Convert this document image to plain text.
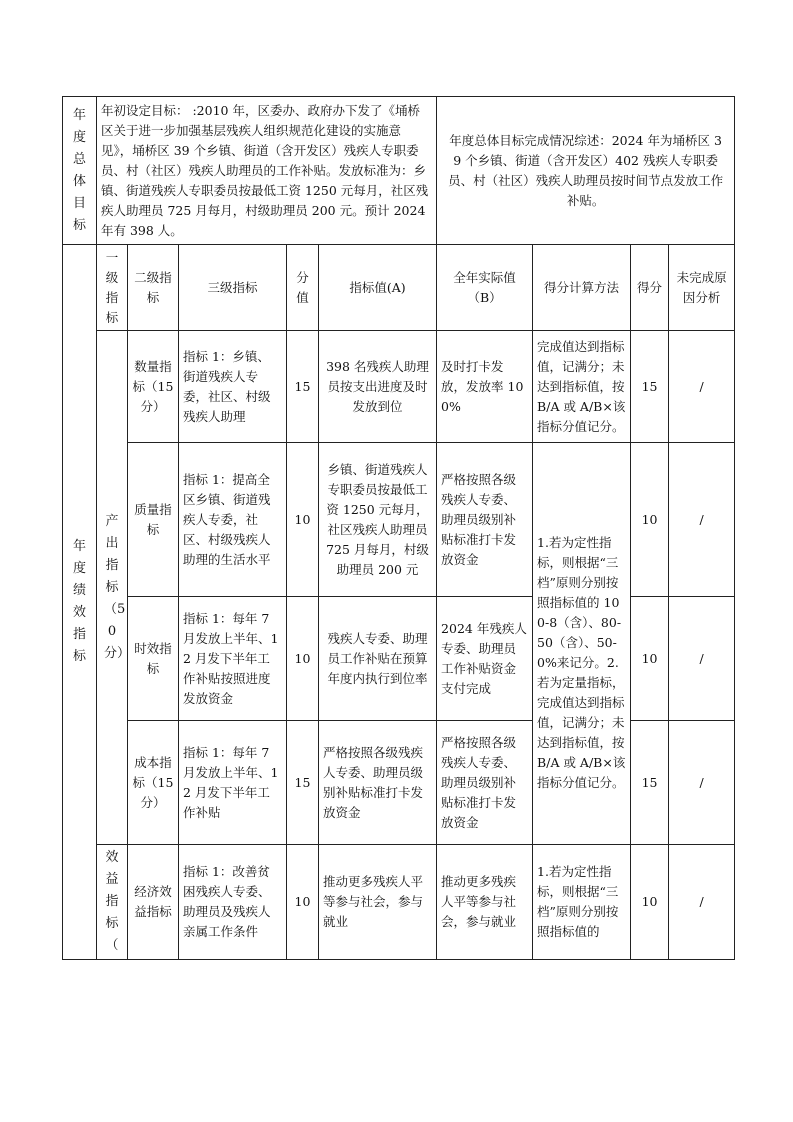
年度总体目标	年初设定目标： :2010 年，区委办、政府办下发了《埇桥区关于进一步加强基层残疾人组织规范化建设的实施意见》，埇桥区 39 个乡镇、街道（含开发区）残疾人专职委员、村（社区）残疾人助理员的工作补贴。发放标准为：乡镇、街道残疾人专职委员按最低工资 1250 元每月，社区残疾人助理员 725 月每月，村级助理员 200 元。预计 2024 年有 398 人。					年度总体目标完成情况综述：2024 年为埇桥区 39 个乡镇、街道（含开发区）402 残疾人专职委员、村（社区）残疾人助理员按时间节点发放工作补贴。			

年度绩效指标	一级指标	二级指标	三级指标	分值	指标值(A)	全年实际值（B）	得分计算方法	得分	未完成原因分析

	产出指标（50分）	数量指标（15分）	指标 1：乡镇、街道残疾人专委，社区、村级残疾人助理	15	398 名残疾人助理员按支出进度及时发放到位	及时打卡发放，发放率 100%	完成值达到指标值，记满分；未达到指标值，按 B/A 或 A/B×该指标分值记分。	15	/
		质量指标	指标 1：提高全区乡镇、街道残疾人专委，社区、村级残疾人助理的生活水平	10	乡镇、街道残疾人专职委员按最低工资 1250 元每月，社区残疾人助理员 725 月每月，村级助理员 200 元	严格按照各级残疾人专委、助理员级别补贴标准打卡发放资金	1.若为定性指标，则根据“三档”原则分别按照指标值的 100-8（含）、80-50（含）、50-0%来记分。2.若为定量指标，完成值达到指标值，记满分；未达到指标值，按 B/A 或 A/B×该指标分值记分。	10	/
		时效指标	指标 1：每年 7 月发放上半年、12 月发下半年工作补贴按照进度发放资金	10	残疾人专委、助理员工作补贴在预算年度内执行到位率	2024 年残疾人专委、助理员工作补贴资金支付完成		10	/
		成本指标（15分）	指标 1：每年 7 月发放上半年、12 月发下半年工作补贴	15	严格按照各级残疾人专委、助理员级别补贴标准打卡发放资金	严格按照各级残疾人专委、助理员级别补贴标准打卡发放资金		15	/

	效益指标（	经济效益指标	指标 1：改善贫困残疾人专委、助理员及残疾人亲属工作条件	10	推动更多残疾人平等参与社会，参与就业	推动更多残疾人平等参与社会，参与就业	1.若为定性指标，则根据“三档”原则分别按照指标值的	10	/
